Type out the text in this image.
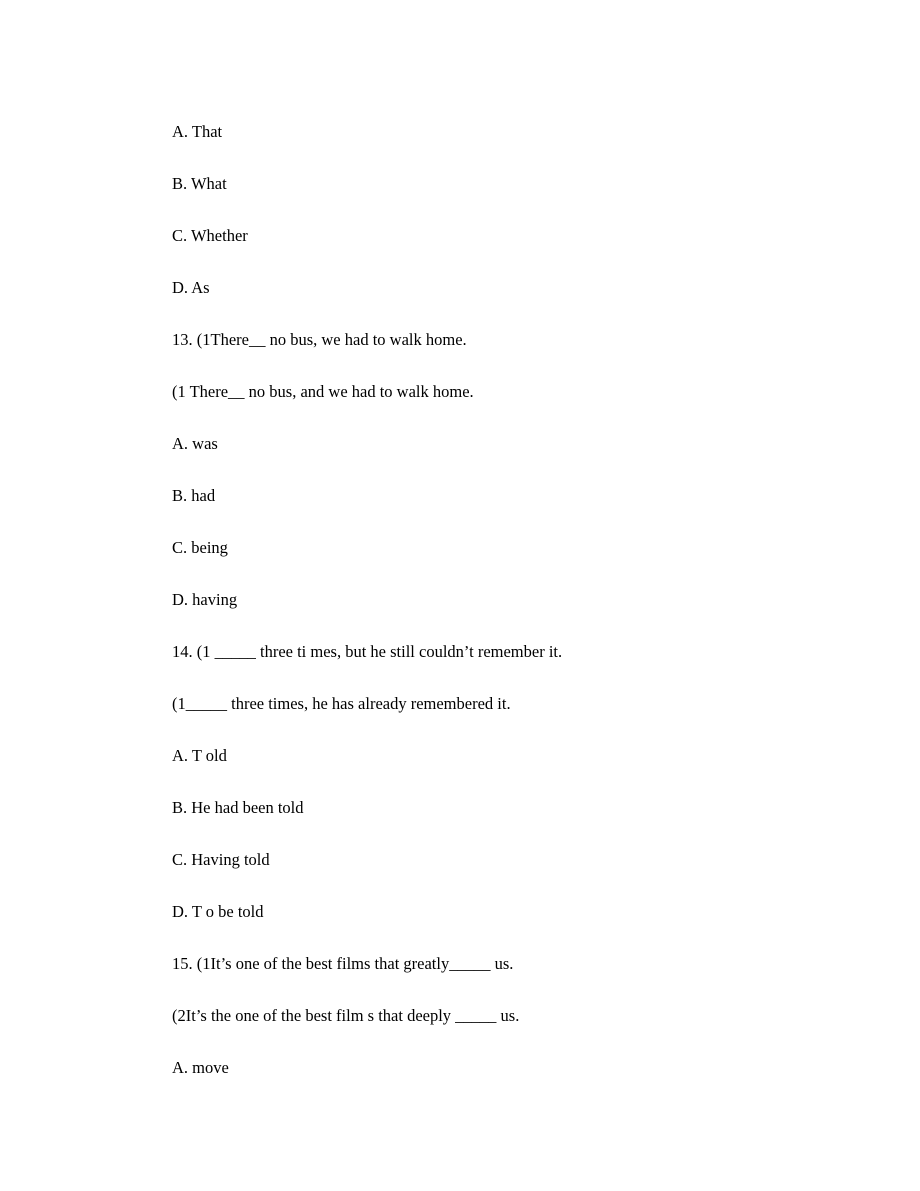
A. That
B. What
C. Whether
D. As
13. (1There__ no bus, we had to walk home.
(1 There__ no bus, and we had to walk home.
A. was
B. had
C. being
D. having
14. (1 _____ three ti mes, but he still couldn’t remember it.
(1_____ three times, he has already remembered it.
A. T old
B. He had been told
C. Having told
D. T o be told
15. (1It’s one of the best films that greatly_____ us.
(2It’s the one of the best film s that deeply _____ us.
A. move
